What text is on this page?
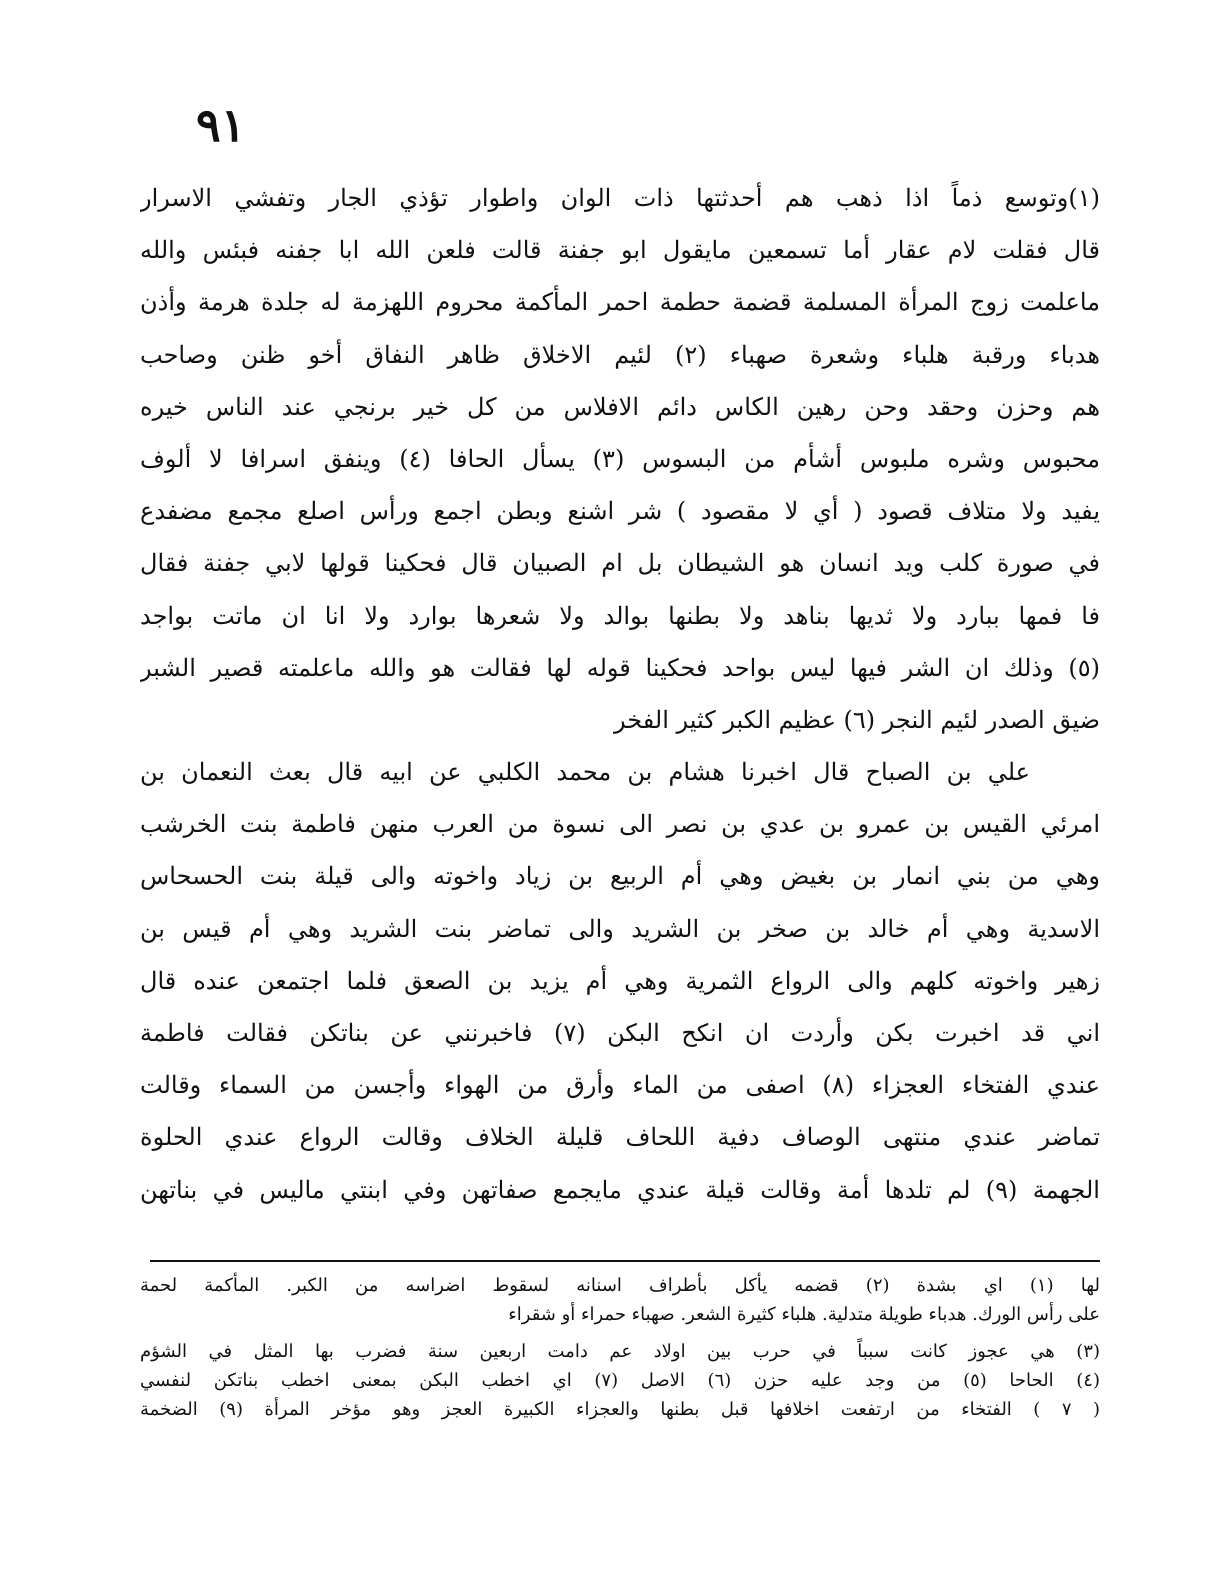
٩١
(١)وتوسع ذماً اذا ذهب هم أحدثتها ذات الوان واطوار تؤذي الجار وتفشي الاسرار
قال فقلت لام عقار أما تسمعين مايقول ابو جفنة قالت فلعن الله ابا جفنه فبئس والله
ماعلمت زوج المرأة المسلمة قضمة حطمة احمر المأكمة محروم اللهزمة له جلدة هرمة وأذن
هدباء ورقبة هلباء وشعرة صهباء (٢) لئيم الاخلاق ظاهر النفاق أخو ظنن وصاحب
هم وحزن وحقد وحن رهين الكاس دائم الافلاس من كل خير برنجي عند الناس خيره
محبوس وشره ملبوس أشأم من البسوس (٣) يسأل الحافا (٤) وينفق اسرافا لا ألوف
يفيد ولا متلاف قصود ( أي لا مقصود ) شر اشنع وبطن اجمع ورأس اصلع مجمع مضفدع
في صورة كلب ويد انسان هو الشيطان بل ام الصبيان قال فحكينا قولها لابي جفنة فقال
فا فمها ببارد ولا ثديها بناهد ولا بطنها بوالد ولا شعرها بوارد ولا انا ان ماتت بواجد
(٥) وذلك ان الشر فيها ليس بواحد فحكينا قوله لها فقالت هو والله ماعلمته قصير الشبر
ضيق الصدر لئيم النجر (٦) عظيم الكبر كثير الفخر
علي بن الصباح قال اخبرنا هشام بن محمد الكلبي عن ابيه قال بعث النعمان بن
امرئي القيس بن عمرو بن عدي بن نصر الى نسوة من العرب منهن فاطمة بنت الخرشب
وهي من بني انمار بن بغيض وهي أم الربيع بن زياد واخوته والى قيلة بنت الحسحاس
الاسدية وهي أم خالد بن صخر بن الشريد والى تماضر بنت الشريد وهي أم قيس بن
زهير واخوته كلهم والى الرواع الثمرية وهي أم يزيد بن الصعق فلما اجتمعن عنده قال
اني قد اخبرت بكن وأردت ان انكح البكن (٧) فاخبرنني عن بناتكن فقالت فاطمة
عندي الفتخاء العجزاء (٨) اصفى من الماء وأرق من الهواء وأجسن من السماء وقالت
تماضر عندي منتهى الوصاف دفية اللحاف قليلة الخلاف وقالت الرواع عندي الحلوة
الجهمة (٩) لم تلدها أمة وقالت قيلة عندي مايجمع صفاتهن وفي ابنتي ماليس في بناتهن
لها (١) اي بشدة (٢) قضمه يأكل بأطراف اسنانه لسقوط اضراسه من الكبر. المأكمة لحمة
على رأس الورك. هدباء طويلة متدلية. هلباء كثيرة الشعر. صهباء حمراء أو شقراء
(٣) هي عجوز كانت سبباً في حرب بين اولاد عم دامت اربعين سنة فضرب بها المثل في الشؤم
(٤) الحاحا (٥) من وجد عليه حزن (٦) الاصل (٧) اي اخطب البكن بمعنى اخطب بناتكن لنفسي
( ٧ ) الفتخاء من ارتفعت اخلافها قبل بطنها والعجزاء الكبيرة العجز وهو مؤخر المرأة (٩) الضخمة
